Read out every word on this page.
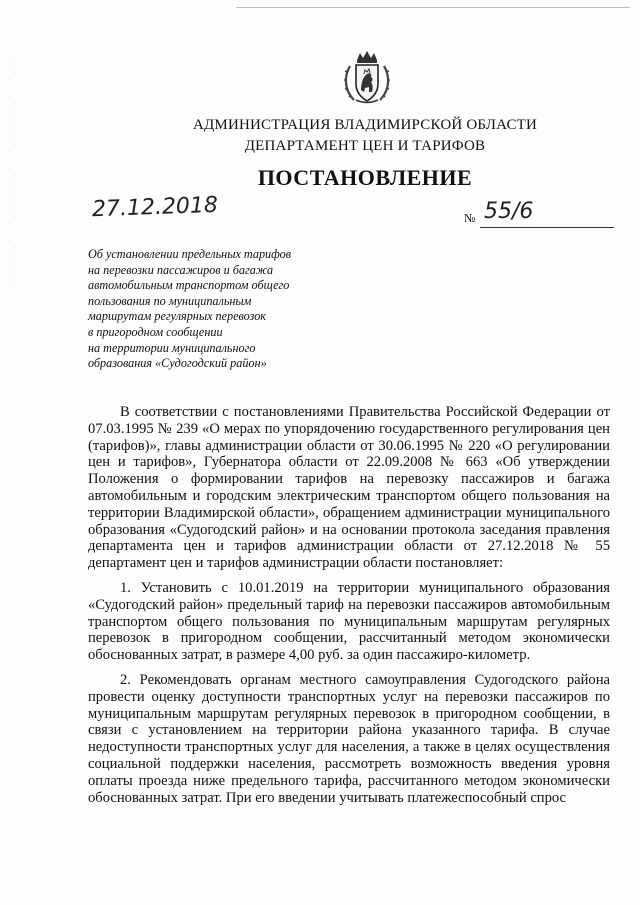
АДМИНИСТРАЦИЯ ВЛАДИМИРСКОЙ ОБЛАСТИ
ДЕПАРТАМЕНТ ЦЕН И ТАРИФОВ
ПОСТАНОВЛЕНИЕ
27.12.2018	№ 55/6
Об установлении предельных тарифов
на перевозки пассажиров и багажа
автомобильным транспортом общего
пользования по муниципальным
маршрутам регулярных перевозок
в пригородном сообщении
на территории муниципального
образования «Судогодский район»

В соответствии с постановлениями Правительства Российской Федерации от 07.03.1995 № 239 «О мерах по упорядочению государственного регулирования цен (тарифов)», главы администрации области от 30.06.1995 № 220 «О регулировании цен и тарифов», Губернатора области от 22.09.2008 № 663 «Об утверждении Положения о формировании тарифов на перевозку пассажиров и багажа автомобильным и городским электрическим транспортом общего пользования на территории Владимирской области», обращением администрации муниципального образования «Судогодский район» и на основании протокола заседания правления департамента цен и тарифов администрации области от 27.12.2018 № 55 департамент цен и тарифов администрации области постановляет:

1. Установить с 10.01.2019 на территории муниципального образования «Судогодский район» предельный тариф на перевозки пассажиров автомобильным транспортом общего пользования по муниципальным маршрутам регулярных перевозок в пригородном сообщении, рассчитанный методом экономически обоснованных затрат, в размере 4,00 руб. за один пассажиро-километр.

2. Рекомендовать органам местного самоуправления Судогодского района провести оценку доступности транспортных услуг на перевозки пассажиров по муниципальным маршрутам регулярных перевозок в пригородном сообщении, в связи с установлением на территории района указанного тарифа. В случае недоступности транспортных услуг для населения, а также в целях осуществления социальной поддержки населения, рассмотреть возможность введения уровня оплаты проезда ниже предельного тарифа, рассчитанного методом экономически обоснованных затрат. При его введении учитывать платежеспособный спрос
